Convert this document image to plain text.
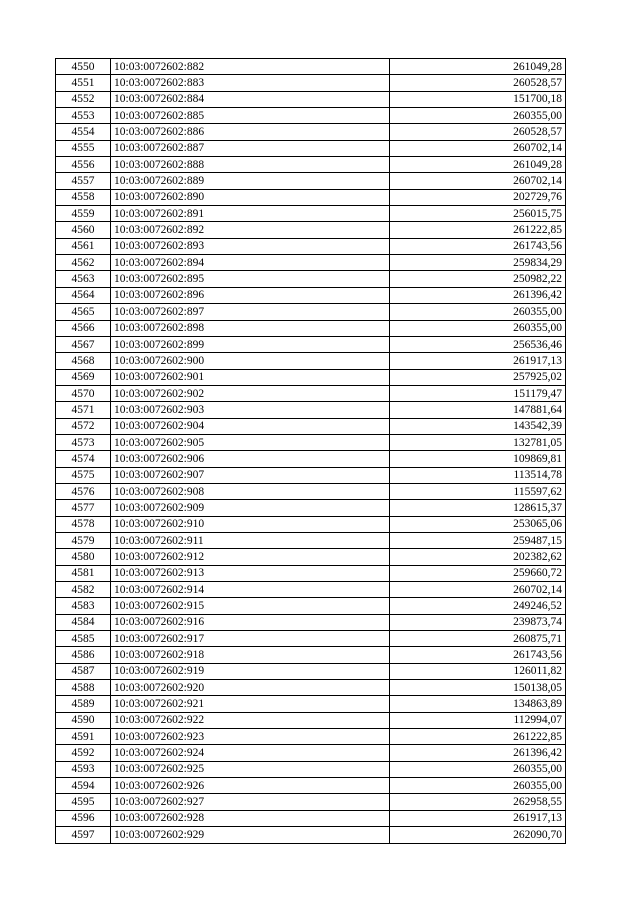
4550	10:03:0072602:882	261049,28
4551	10:03:0072602:883	260528,57
4552	10:03:0072602:884	151700,18
4553	10:03:0072602:885	260355,00
4554	10:03:0072602:886	260528,57
4555	10:03:0072602:887	260702,14
4556	10:03:0072602:888	261049,28
4557	10:03:0072602:889	260702,14
4558	10:03:0072602:890	202729,76
4559	10:03:0072602:891	256015,75
4560	10:03:0072602:892	261222,85
4561	10:03:0072602:893	261743,56
4562	10:03:0072602:894	259834,29
4563	10:03:0072602:895	250982,22
4564	10:03:0072602:896	261396,42
4565	10:03:0072602:897	260355,00
4566	10:03:0072602:898	260355,00
4567	10:03:0072602:899	256536,46
4568	10:03:0072602:900	261917,13
4569	10:03:0072602:901	257925,02
4570	10:03:0072602:902	151179,47
4571	10:03:0072602:903	147881,64
4572	10:03:0072602:904	143542,39
4573	10:03:0072602:905	132781,05
4574	10:03:0072602:906	109869,81
4575	10:03:0072602:907	113514,78
4576	10:03:0072602:908	115597,62
4577	10:03:0072602:909	128615,37
4578	10:03:0072602:910	253065,06
4579	10:03:0072602:911	259487,15
4580	10:03:0072602:912	202382,62
4581	10:03:0072602:913	259660,72
4582	10:03:0072602:914	260702,14
4583	10:03:0072602:915	249246,52
4584	10:03:0072602:916	239873,74
4585	10:03:0072602:917	260875,71
4586	10:03:0072602:918	261743,56
4587	10:03:0072602:919	126011,82
4588	10:03:0072602:920	150138,05
4589	10:03:0072602:921	134863,89
4590	10:03:0072602:922	112994,07
4591	10:03:0072602:923	261222,85
4592	10:03:0072602:924	261396,42
4593	10:03:0072602:925	260355,00
4594	10:03:0072602:926	260355,00
4595	10:03:0072602:927	262958,55
4596	10:03:0072602:928	261917,13
4597	10:03:0072602:929	262090,70
